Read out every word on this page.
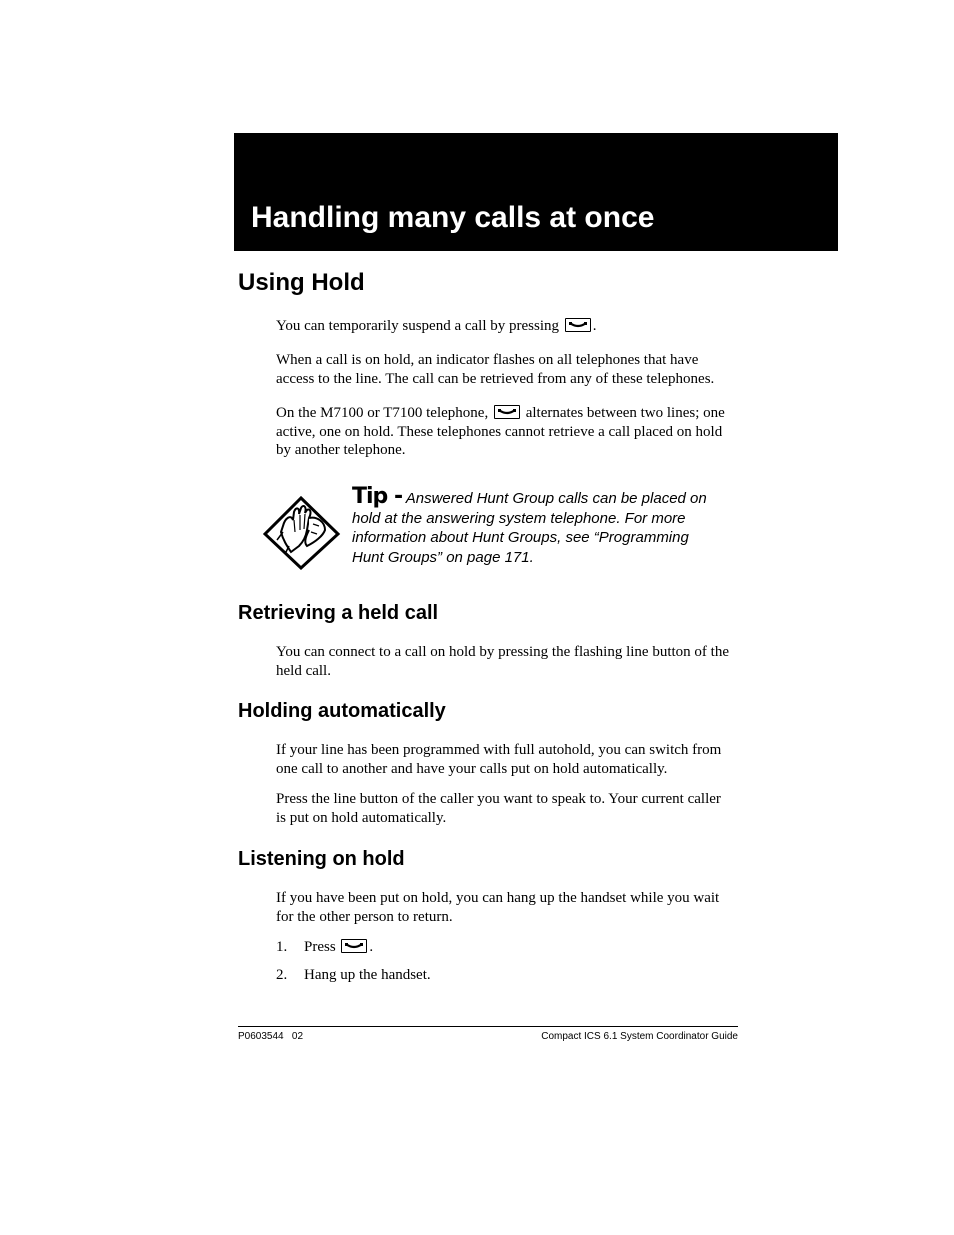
Handling many calls at once
Using Hold

You can temporarily suspend a call by pressing .

When a call is on hold, an indicator flashes on all telephones that have
access to the line. The call can be retrieved from any of these telephones.

On the M7100 or T7100 telephone,	alternates between two lines; one
active, one on hold. These telephones cannot retrieve a call placed on hold
by another telephone.

Tip - Answered Hunt Group calls can be placed on
hold at the answering system telephone. For more
information about Hunt Groups, see “Programming
Hunt Groups” on page 171.

Retrieving a held call

You can connect to a call on hold by pressing the flashing line button of the
held call.

Holding automatically

If your line has been programmed with full autohold, you can switch from
one call to another and have your calls put on hold automatically.

Press the line button of the caller you want to speak to. Your current caller
is put on hold automatically.

Listening on hold

If you have been put on hold, you can hang up the handset while you wait
for the other person to return.

1. Press .

2. Hang up the handset.

P0603544   02	Compact ICS 6.1 System Coordinator Guide
